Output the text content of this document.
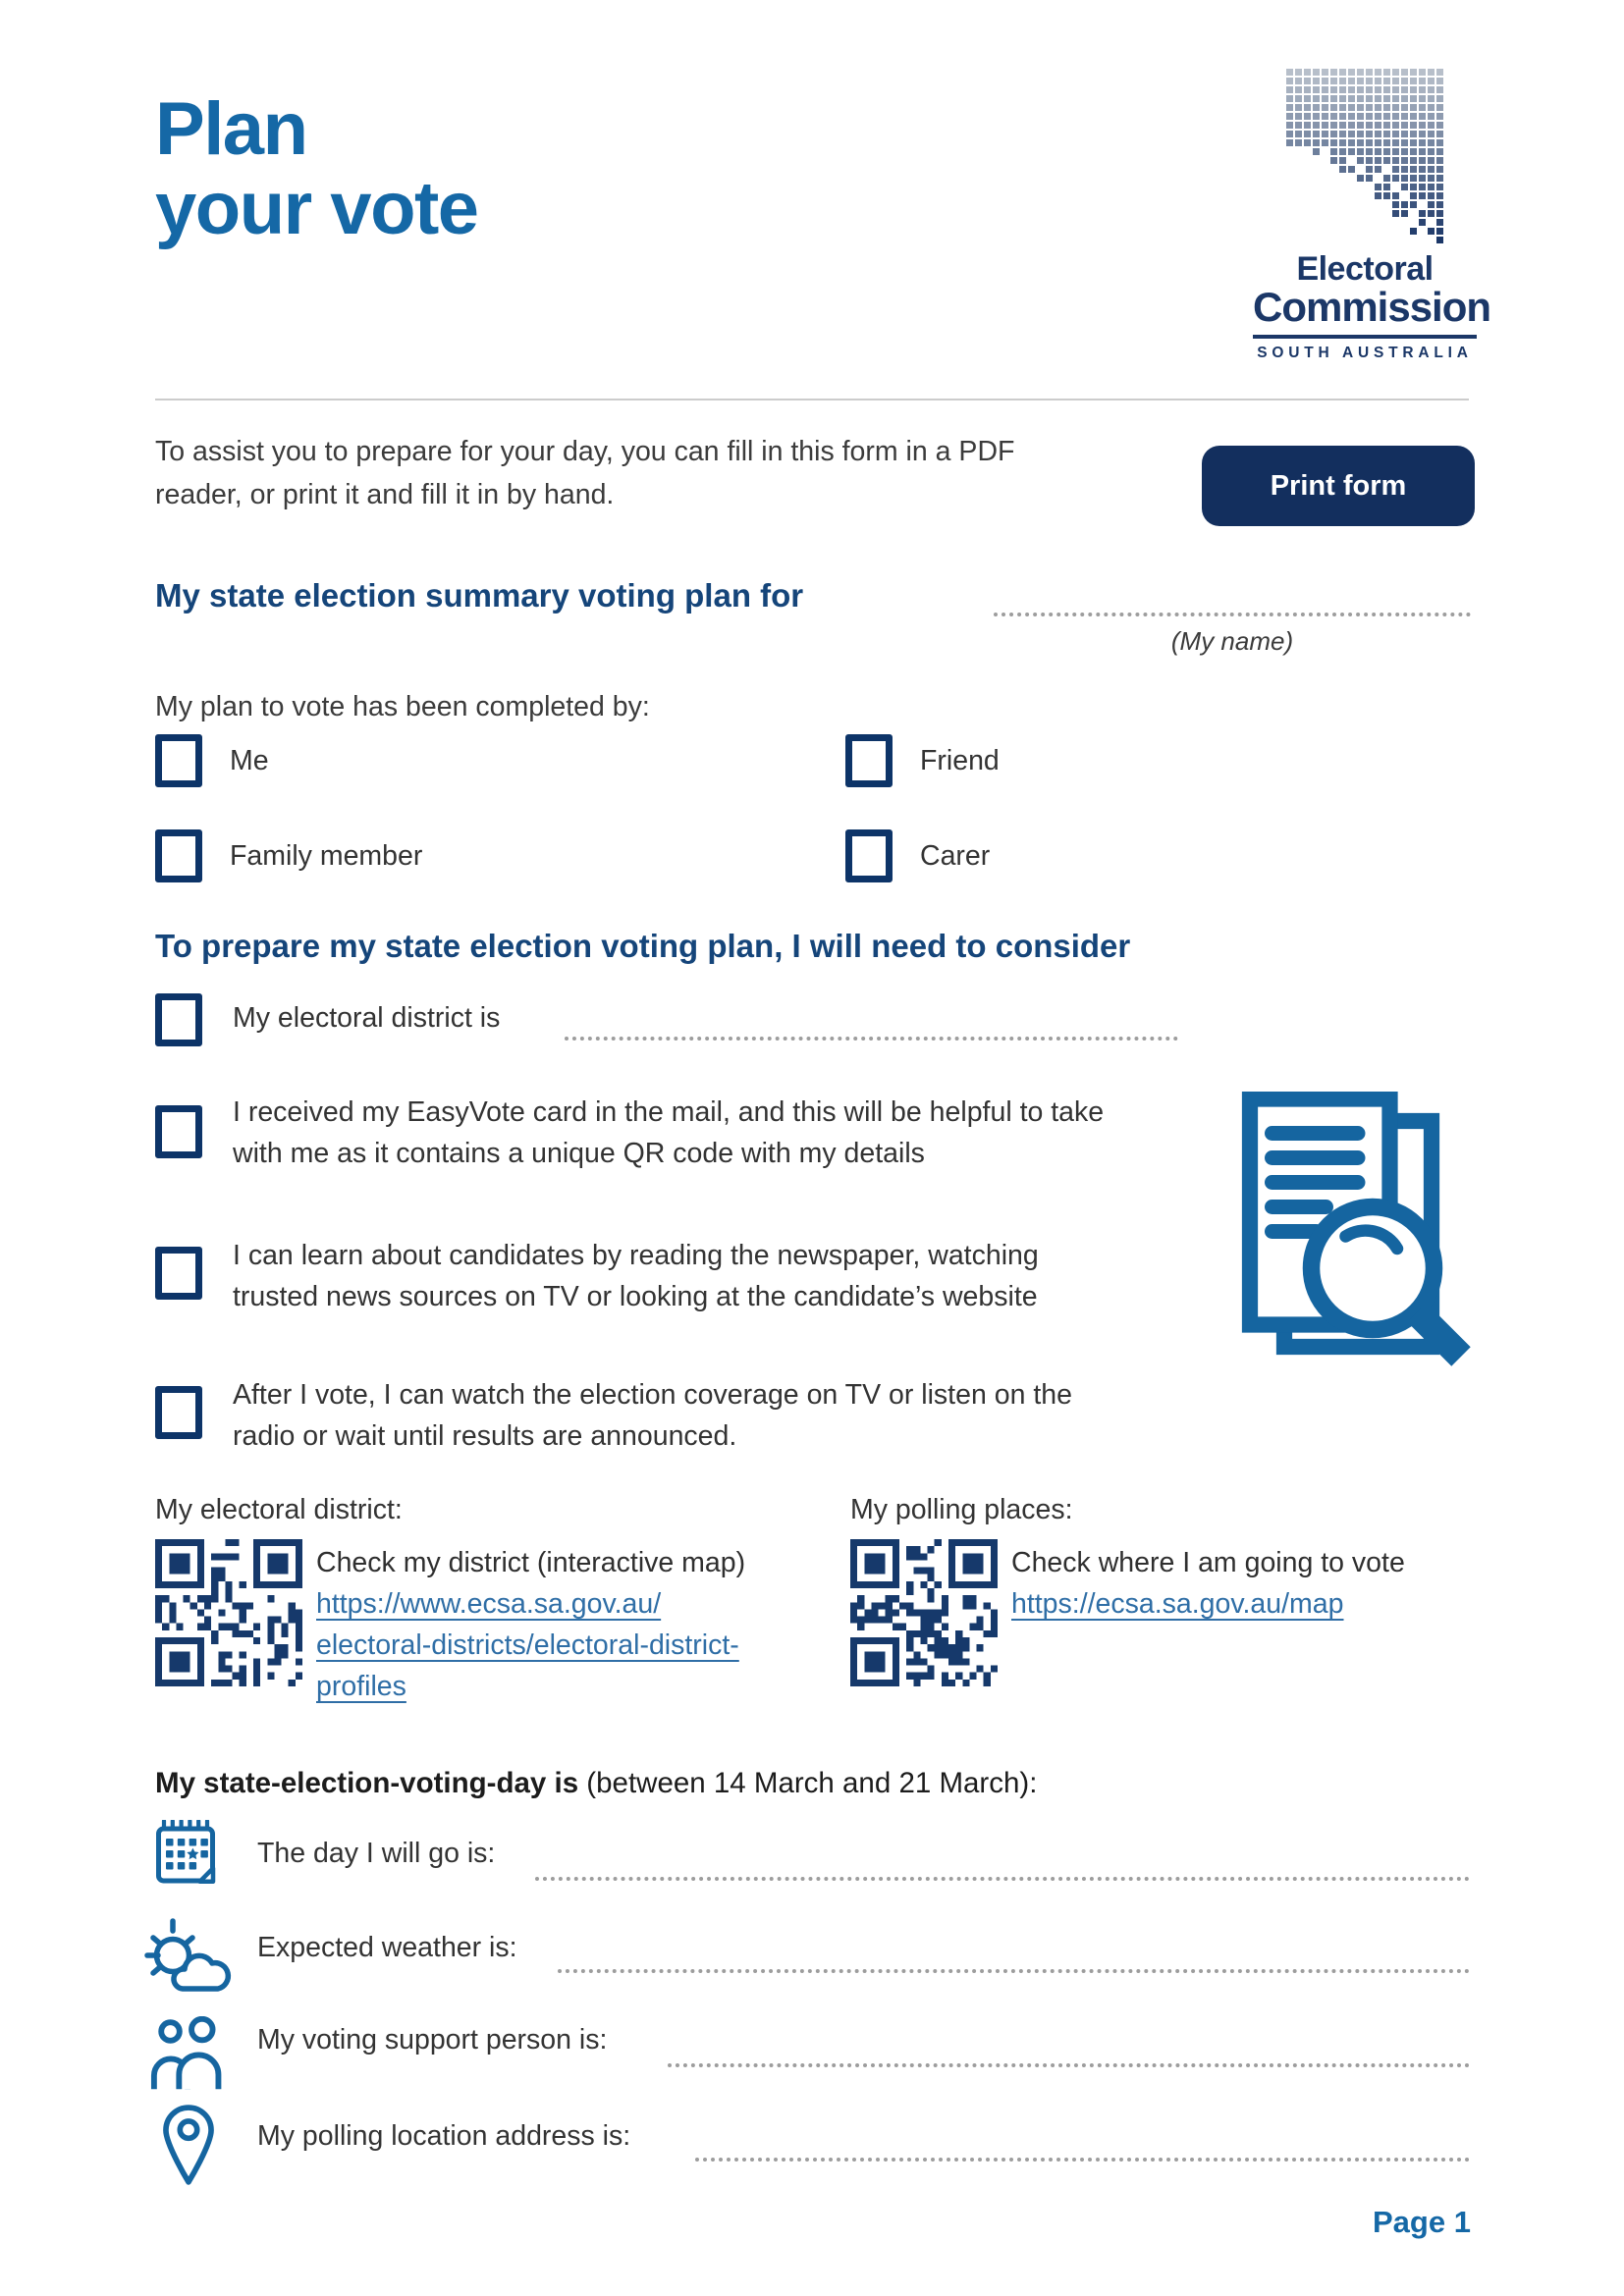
Plan
your vote
Electoral
Commission
SOUTH AUSTRALIA

To assist you to prepare for your day, you can fill in this form in a PDF reader, or print it and fill it in by hand.	Print form
My state election summary voting plan for
(My name)
My plan to vote has been completed by:
Me	Friend
Family member	Carer
To prepare my state election voting plan, I will need to consider
My electoral district is
I received my EasyVote card in the mail, and this will be helpful to take with me as it contains a unique QR code with my details
I can learn about candidates by reading the newspaper, watching trusted news sources on TV or looking at the candidate’s website
After I vote, I can watch the election coverage on TV or listen on the radio or wait until results are announced.
My electoral district:	My polling places:
Check my district (interactive map)
https://www.ecsa.sa.gov.au/
electoral-districts/electoral-district-
profiles
Check where I am going to vote
https://ecsa.sa.gov.au/map
My state-election-voting-day is (between 14 March and 21 March):
The day I will go is:
Expected weather is:
My voting support person is:
My polling location address is:
Page 1
